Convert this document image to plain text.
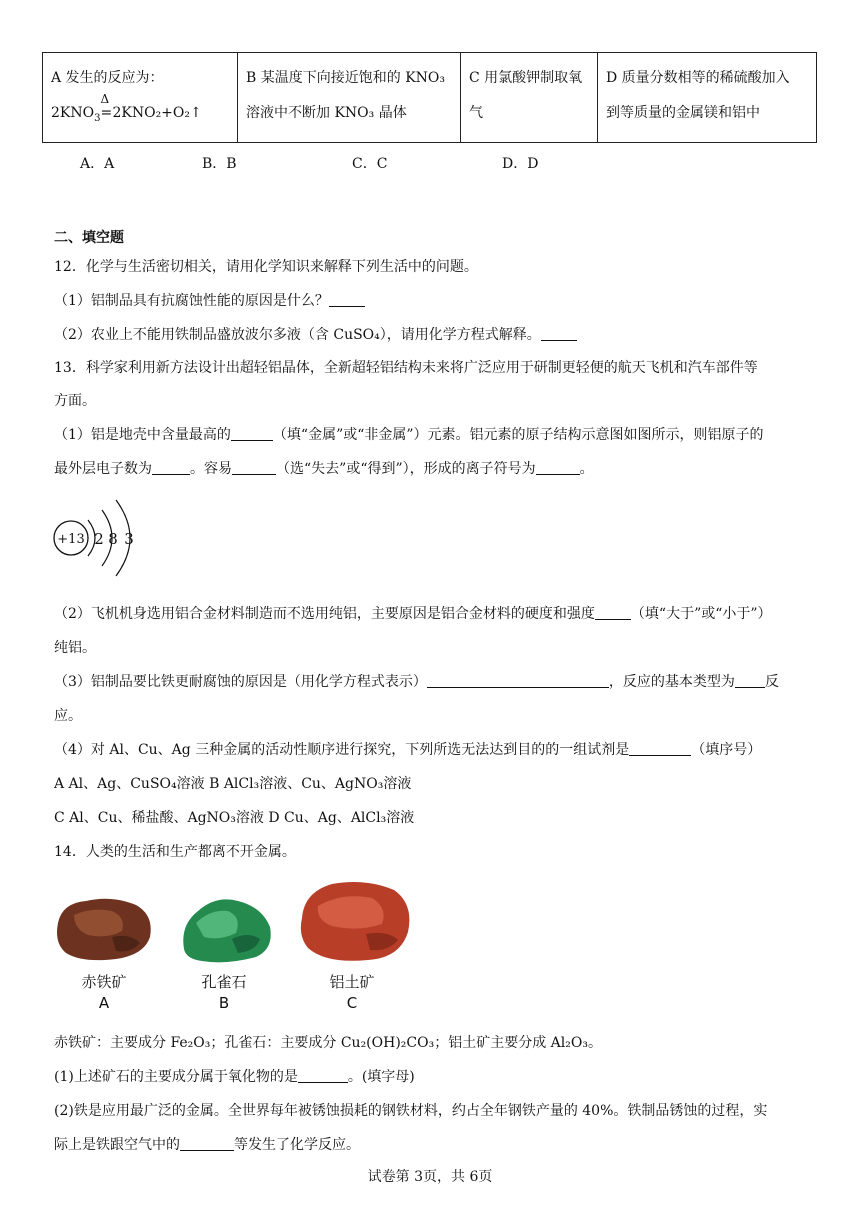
A 发生的反应为：
$2KNO_3$
Δ
=2KNO₂+O₂↑

B 某温度下向接近饱和的 KNO₃
溶液中不断加 KNO₃ 晶体

C 用氯酸钾制取氧
气

D 质量分数相等的稀硫酸加入
到等质量的金属镁和铝中
A．A	B．B	C．C	D．D
二、填空题
12．化学与生活密切相关，请用化学知识来解释下列生活中的问题。
（1）铝制品具有抗腐蚀性能的原因是什么？
（2）农业上不能用铁制品盛放波尔多液（含 CuSO₄），请用化学方程式解释。
13．科学家利用新方法设计出超轻铝晶体，全新超轻铝结构未来将广泛应用于研制更轻便的航天飞机和汽车部件等
方面。
（1）铝是地壳中含量最高的	（填“金属”或“非金属”）元素。铝元素的原子结构示意图如图所示，则铝原子的
最外层电子数为	。容易	（选“失去”或“得到”），形成的离子符号为	。
+13 2 8 3
（2）飞机机身选用铝合金材料制造而不选用纯铝，主要原因是铝合金材料的硬度和强度	（填“大于”或“小于”）
纯铝。
（3）铝制品要比铁更耐腐蚀的原因是（用化学方程式表示）	，反应的基本类型为 反
应。
（4）对 Al、Cu、Ag 三种金属的活动性顺序进行探究，下列所选无法达到目的的一组试剂是	（填序号）
A Al、Ag、CuSO₄溶液 B AlCl₃溶液、Cu、AgNO₃溶液
C Al、Cu、稀盐酸、AgNO₃溶液 D Cu、Ag、AlCl₃溶液
14．人类的生活和生产都离不开金属。
赤铁矿
A
孔雀石
B
铝土矿
C
赤铁矿：主要成分 Fe₂O₃；孔雀石：主要成分 Cu₂(OH)₂CO₃；铝土矿主要分成 Al₂O₃。
(1)上述矿石的主要成分属于氧化物的是	。(填字母)
(2)铁是应用最广泛的金属。全世界每年被锈蚀损耗的钢铁材料，约占全年钢铁产量的 40%。铁制品锈蚀的过程，实
际上是铁跟空气中的	等发生了化学反应。
试卷第 3页，共 6页
